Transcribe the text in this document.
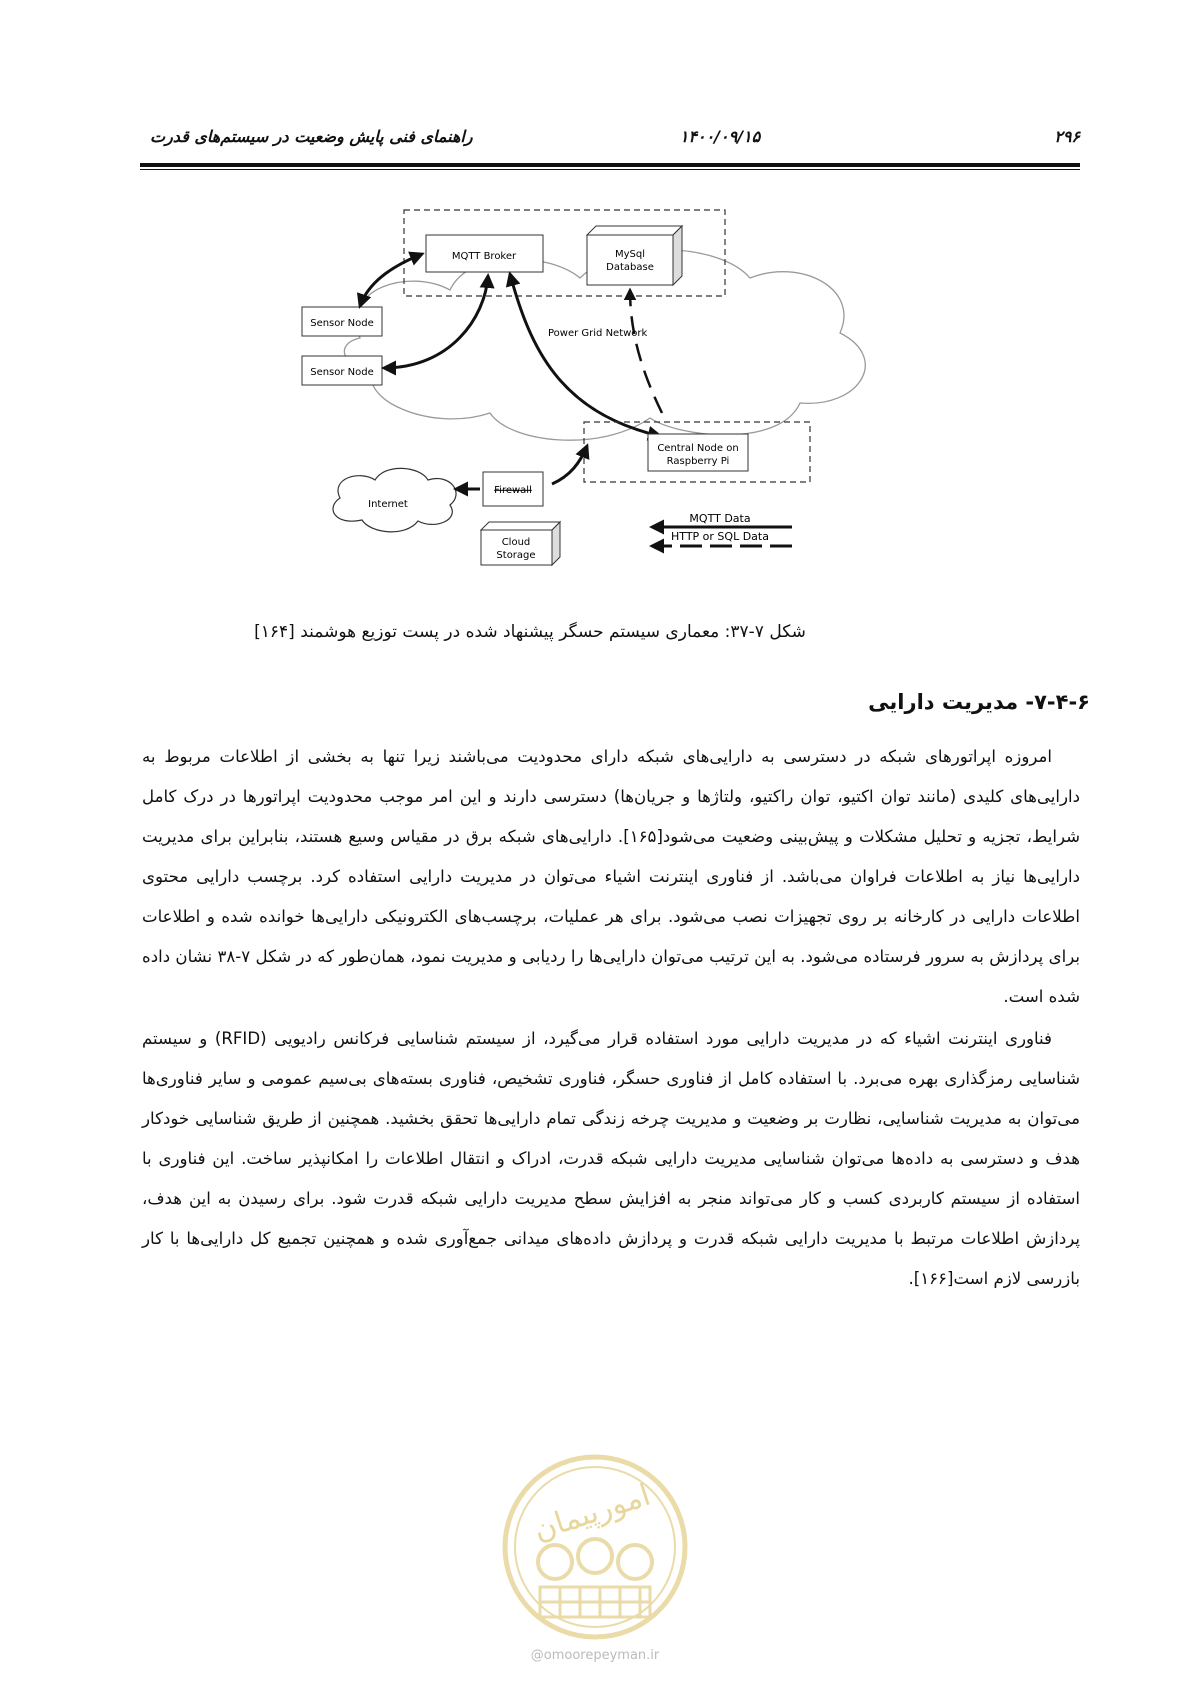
۲۹۶
۱۴۰۰/۰۹/۱۵
راهنمای فنی پایش وضعیت در سیستم‌های قدرت
MQTT Broker	MySql
Database
Sensor Node
Sensor Node
Power Grid Network
Central Node on
Raspberry Pi
Internet
Firewall
Cloud
Storage
MQTT Data
HTTP or SQL Data
شکل ۷-۳۷: معماری سیستم حسگر پیشنهاد شده در پست توزیع هوشمند [۱۶۴]
۷-۴-۶- مدیریت دارایی

امروزه اپراتورهای شبکه در دسترسی به دارایی‌های شبکه دارای محدودیت می‌باشند زیرا تنها به بخشی از اطلاعات مربوط به دارایی‌های کلیدی (مانند توان اکتیو، توان راکتیو، ولتاژها و جریان‌ها) دسترسی دارند و این امر موجب محدودیت اپراتورها در درک کامل شرایط، تجزیه و تحلیل مشکلات و پیش‌بینی وضعیت می‌شود[۱۶۵]. دارایی‌های شبکه برق در مقیاس وسیع هستند، بنابراین برای مدیریت دارایی‌ها نیاز به اطلاعات فراوان می‌باشد. از فناوری اینترنت اشیاء می‌توان در مدیریت دارایی استفاده کرد. برچسب دارایی محتوی اطلاعات دارایی در کارخانه بر روی تجهیزات نصب می‌شود. برای هر عملیات، برچسب‌های الکترونیکی دارایی‌ها خوانده شده و اطلاعات برای پردازش به سرور فرستاده می‌شود. به این ترتیب می‌توان دارایی‌ها را ردیابی و مدیریت نمود، همان‌طور که در شکل ۷-۳۸ نشان داده شده است.

فناوری اینترنت اشیاء که در مدیریت دارایی مورد استفاده قرار می‌گیرد، از سیستم شناسایی فرکانس رادیویی (RFID) و سیستم شناسایی رمزگذاری بهره می‌برد. با استفاده کامل از فناوری حسگر، فناوری تشخیص، فناوری بسته‌های بی‌سیم عمومی و سایر فناوری‌ها می‌توان به مدیریت شناسایی، نظارت بر وضعیت و مدیریت چرخه زندگی تمام دارایی‌ها تحقق بخشید. همچنین از طریق شناسایی خودکار هدف و دسترسی به داده‌ها می‌توان شناسایی مدیریت دارایی شبکه قدرت، ادراک و انتقال اطلاعات را امکانپذیر ساخت. این فناوری با استفاده از سیستم کاربردی کسب و کار می‌تواند منجر به افزایش سطح مدیریت دارایی شبکه قدرت شود. برای رسیدن به این هدف، پردازش اطلاعات مرتبط با مدیریت دارایی شبکه قدرت و پردازش داده‌های میدانی جمع‌آوری شده و همچنین تجمیع کل دارایی‌ها با کار بازرسی لازم است[۱۶۶].

امورپیمان
@omoorepeyman.ir
